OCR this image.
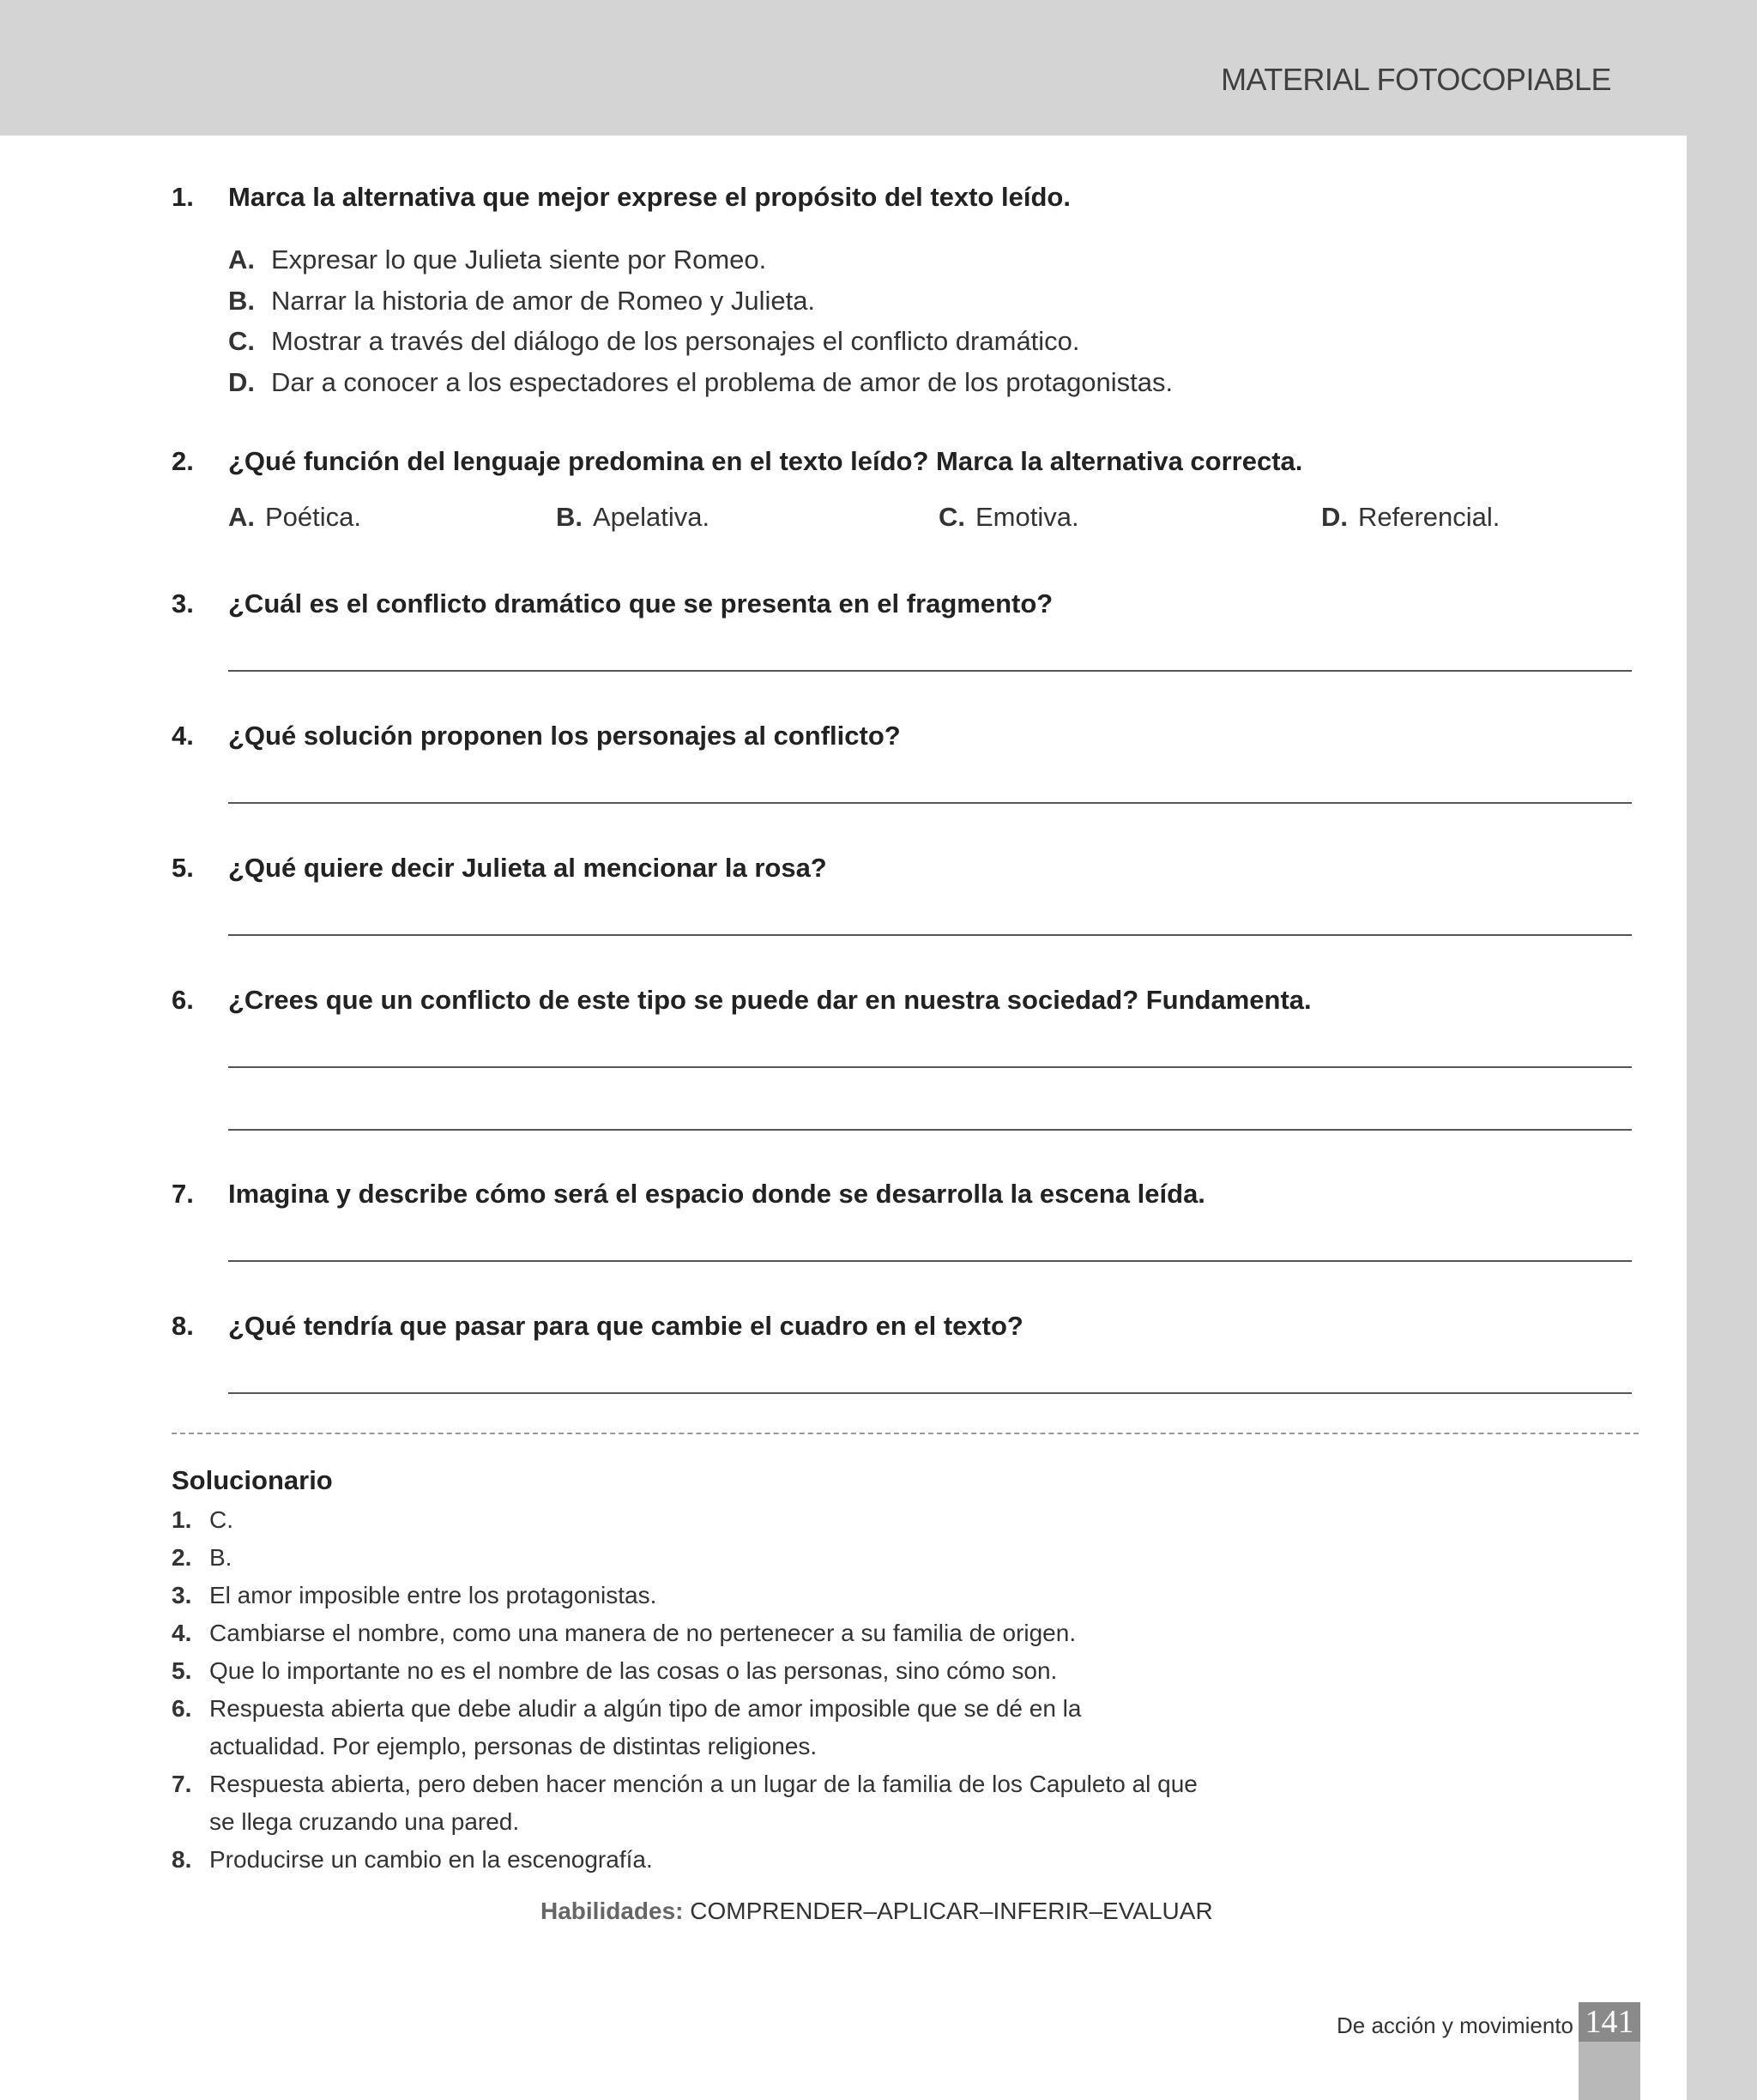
MATERIAL FOTOCOPIABLE
1. Marca la alternativa que mejor exprese el propósito del texto leído.
A. Expresar lo que Julieta siente por Romeo.
B. Narrar la historia de amor de Romeo y Julieta.
C. Mostrar a través del diálogo de los personajes el conflicto dramático.
D. Dar a conocer a los espectadores el problema de amor de los protagonistas.
2. ¿Qué función del lenguaje predomina en el texto leído? Marca la alternativa correcta.
A. Poética.	B. Apelativa.	C. Emotiva.	D. Referencial.
3. ¿Cuál es el conflicto dramático que se presenta en el fragmento?
4. ¿Qué solución proponen los personajes al conflicto?
5. ¿Qué quiere decir Julieta al mencionar la rosa?
6. ¿Crees que un conflicto de este tipo se puede dar en nuestra sociedad? Fundamenta.
7. Imagina y describe cómo será el espacio donde se desarrolla la escena leída.
8. ¿Qué tendría que pasar para que cambie el cuadro en el texto?
Solucionario
1. C.
2. B.
3. El amor imposible entre los protagonistas.
4. Cambiarse el nombre, como una manera de no pertenecer a su familia de origen.
5. Que lo importante no es el nombre de las cosas o las personas, sino cómo son.
6. Respuesta abierta que debe aludir a algún tipo de amor imposible que se dé en la actualidad. Por ejemplo, personas de distintas religiones.
7. Respuesta abierta, pero deben hacer mención a un lugar de la familia de los Capuleto al que se llega cruzando una pared.
8. Producirse un cambio en la escenografía.
Habilidades: COMPRENDER–APLICAR–INFERIR–EVALUAR
De acción y movimiento 141
